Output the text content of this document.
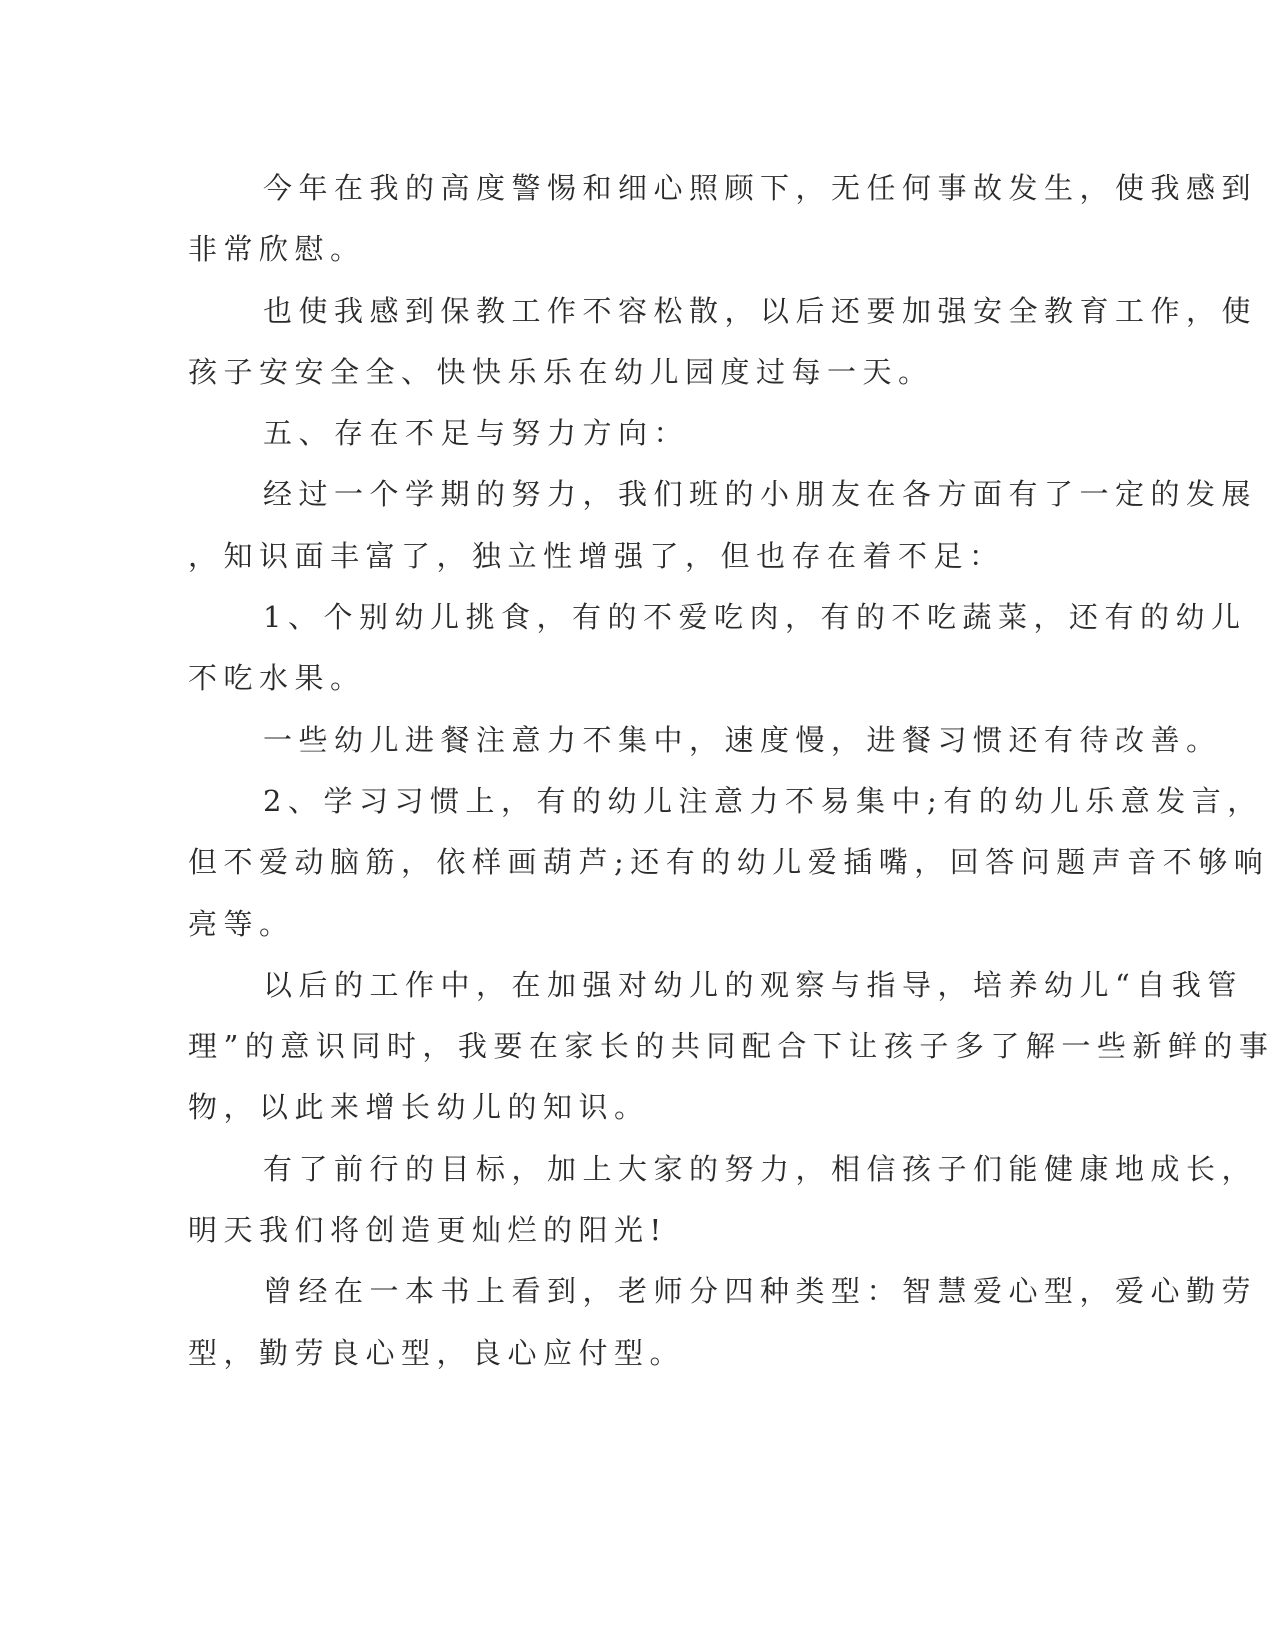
今年在我的高度警惕和细心照顾下，无任何事故发生，使我感到
非常欣慰。
也使我感到保教工作不容松散，以后还要加强安全教育工作，使
孩子安安全全、快快乐乐在幼儿园度过每一天。
五、存在不足与努力方向：
经过一个学期的努力，我们班的小朋友在各方面有了一定的发展
，知识面丰富了，独立性增强了，但也存在着不足：
1、个别幼儿挑食，有的不爱吃肉，有的不吃蔬菜，还有的幼儿
不吃水果。
一些幼儿进餐注意力不集中，速度慢，进餐习惯还有待改善。
2、学习习惯上，有的幼儿注意力不易集中;有的幼儿乐意发言，
但不爱动脑筋，依样画葫芦;还有的幼儿爱插嘴，回答问题声音不够响
亮等。
以后的工作中，在加强对幼儿的观察与指导，培养幼儿“自我管
理”的意识同时，我要在家长的共同配合下让孩子多了解一些新鲜的事
物，以此来增长幼儿的知识。
有了前行的目标，加上大家的努力，相信孩子们能健康地成长，
明天我们将创造更灿烂的阳光!
曾经在一本书上看到，老师分四种类型：智慧爱心型，爱心勤劳
型，勤劳良心型，良心应付型。
